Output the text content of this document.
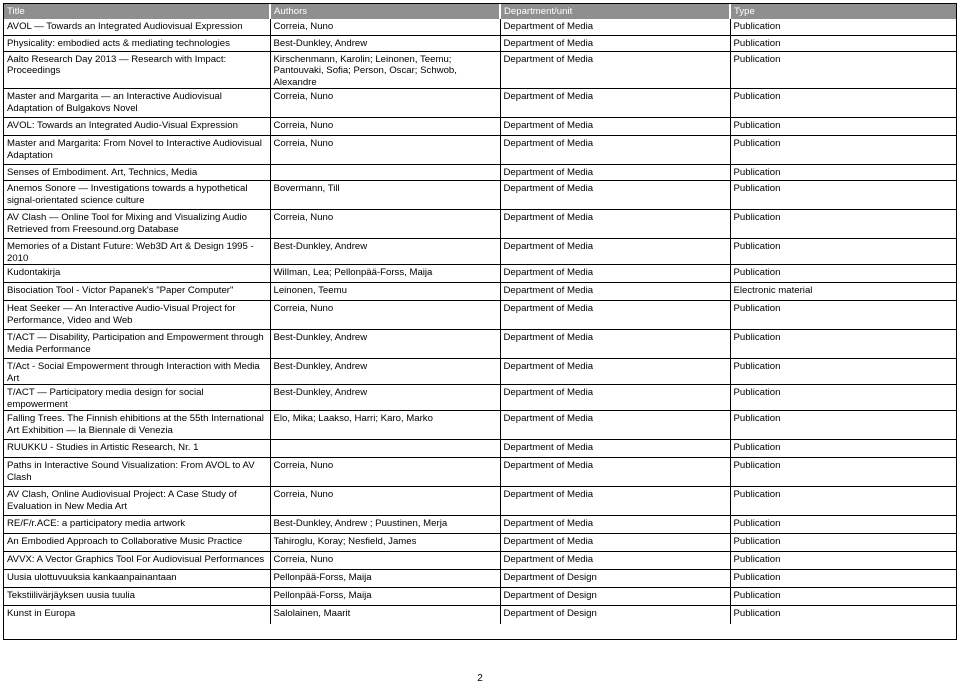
Title	Authors	Department/unit	Type
AVOL — Towards an Integrated Audiovisual Expression	Correia, Nuno	Department of Media	Publication
Physicality: embodied acts & mediating technologies	Best-Dunkley, Andrew	Department of Media	Publication
Aalto Research Day 2013 — Research with Impact: Proceedings	Kirschenmann, Karolin; Leinonen, Teemu; Pantouvaki, Sofia; Person, Oscar; Schwob, Alexandre	Department of Media	Publication
Master and Margarita — an Interactive Audiovisual Adaptation of Bulgakovs Novel	Correia, Nuno	Department of Media	Publication
AVOL: Towards an Integrated Audio-Visual Expression	Correia, Nuno	Department of Media	Publication
Master and Margarita: From Novel to Interactive Audiovisual Adaptation	Correia, Nuno	Department of Media	Publication
Senses of Embodiment. Art, Technics, Media		Department of Media	Publication
Anemos Sonore — Investigations towards a hypothetical signal-orientated science culture	Bovermann, Till	Department of Media	Publication
AV Clash — Online Tool for Mixing and Visualizing Audio Retrieved from Freesound.org Database	Correia, Nuno	Department of Media	Publication
Memories of a Distant Future: Web3D Art & Design 1995 - 2010	Best-Dunkley, Andrew	Department of Media	Publication
Kudontakirja	Willman, Lea; Pellonpää-Forss, Maija	Department of Media	Publication
Bisociation Tool - Victor Papanek's "Paper Computer"	Leinonen, Teemu	Department of Media	Electronic material
Heat Seeker — An Interactive Audio-Visual Project for Performance, Video and Web	Correia, Nuno	Department of Media	Publication
T/ACT — Disability, Participation and Empowerment through Media Performance	Best-Dunkley, Andrew	Department of Media	Publication
T/Act - Social Empowerment through Interaction with Media Art	Best-Dunkley, Andrew	Department of Media	Publication
T/ACT — Participatory media design for social empowerment	Best-Dunkley, Andrew	Department of Media	Publication
Falling Trees. The Finnish ehibitions at the 55th International Art Exhibition — la Biennale di Venezia	Elo, Mika; Laakso, Harri; Karo, Marko	Department of Media	Publication
RUUKKU - Studies in Artistic Research, Nr. 1		Department of Media	Publication
Paths in Interactive Sound Visualization: From AVOL to AV Clash	Correia, Nuno	Department of Media	Publication
AV Clash, Online Audiovisual Project: A Case Study of Evaluation in New Media Art	Correia, Nuno	Department of Media	Publication
RE/F/r.ACE: a participatory media artwork	Best-Dunkley, Andrew ; Puustinen, Merja	Department of Media	Publication
An Embodied Approach to Collaborative Music Practice	Tahiroglu, Koray; Nesfield, James	Department of Media	Publication
AVVX: A Vector Graphics Tool For Audiovisual Performances	Correia, Nuno	Department of Media	Publication
Uusia ulottuvuuksia kankaanpainantaan	Pellonpää-Forss, Maija	Department of Design	Publication
Tekstiilivärjäyksen uusia tuulia	Pellonpää-Forss, Maija	Department of Design	Publication
Kunst in Europa	Salolainen, Maarit	Department of Design	Publication
2
